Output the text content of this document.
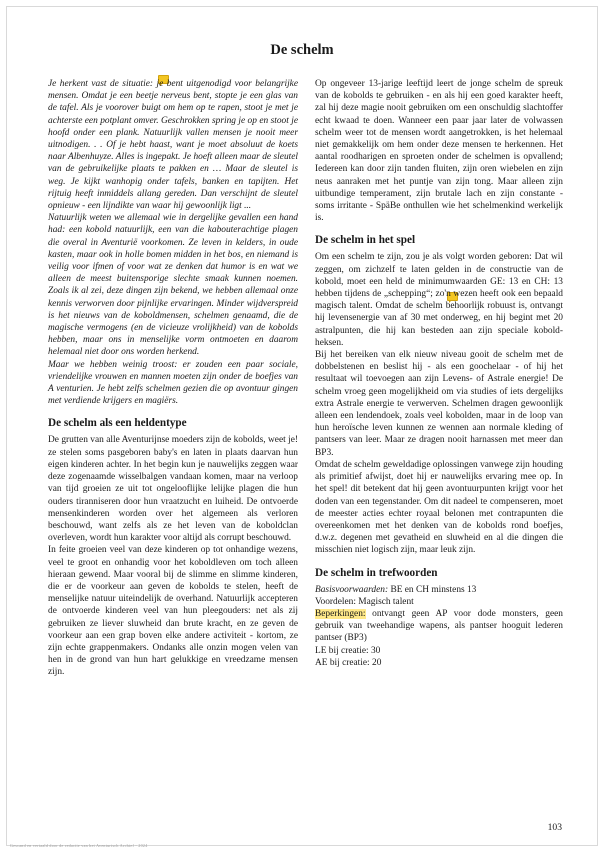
De schelm

Je herkent vast de situatie: je bent uitgenodigd voor belangrijke mensen. Omdat je een beetje nerveus bent, stopte je een glas van de tafel. Als je voorover buigt om hem op te rapen, stoot je met je achterste een potplant omver. Geschrokken spring je op en stoot je hoofd onder een plank. Natuurlijk vallen mensen je nooit meer uitnodigen. . . Of je hebt haast, want je moet absoluut de koets naar Albenhuyze. Alles is ingepakt. Je hoeft alleen maar de sleutel van de gebruikelijke plaats te pakken en … Maar de sleutel is weg. Je kijkt wanhopig onder tafels, banken en tapijten. Het rijtuig heeft inmiddels allang gereden. Dan verschijnt de sleutel opnieuw - een lijndikte van waar hij gewoonlijk ligt ...

Natuurlijk weten we allemaal wie in dergelijke gevallen een hand had: een kobold natuurlijk, een van die kabouterachtige plagen die overal in Aventurië voorkomen. Ze leven in kelders, in oude kasten, maar ook in holle bomen midden in het bos, en niemand is veilig voor ifmen of voor wat ze denken dat humor is en wat we alleen de meest buitensporige slechte smaak kunnen noemen. Zoals ik al zei, deze dingen zijn bekend, we hebben allemaal onze kennis verworven door pijnlijke ervaringen. Minder wijdverspreid is het nieuws van de koboldmensen, schelmen genaamd, die de magische vermogens (en de vicieuze vrolijkheid) van de kobolds hebben, maar ons in menselijke vorm ontmoeten en daarom helemaal niet door ons worden herkend.

Maar we hebben weinig troost: er zouden een paar sociale, vriendelijke vrouwen en mannen moeten zijn onder de boefjes van A venturien. Je hebt zelfs schelmen gezien die op avontuur gingen met verdiende krijgers en magiërs.

De schelm als een heldentype

De grutten van alle Aventurijnse moeders zijn de kobolds, weet je! ze stelen soms pasgeboren baby's en laten in plaats daarvan hun eigen kinderen achter. In het begin kun je nauwelijks zeggen waar deze zogenaamde wisselbalgen vandaan komen, maar na verloop van tijd groeien ze uit tot ongelooflijke lelijke plagen die hun ouders tiranniseren door hun vraatzucht en luiheid. De ontvoerde mensenkinderen worden over het algemeen als verloren beschouwd, want zelfs als ze het leven van de koboldclan overleven, wordt hun karakter voor altijd als corrupt beschouwd.

In feite groeien veel van deze kinderen op tot onhandige wezens, veel te groot en onhandig voor het koboldleven om toch alleen hieraan gewend. Maar vooral bij de slimme en slimme kinderen, die er de voorkeur aan geven de kobolds te stelen, heeft de menselijke natuur uiteindelijk de overhand. Natuurlijk accepteren de ontvoerde kinderen veel van hun pleegouders: net als zij gebruiken ze liever sluwheid dan brute kracht, en ze geven de voorkeur aan een grap boven elke andere activiteit - kortom, ze zijn echte grappenmakers. Ondanks alle onzin mogen velen van hen in de grond van hun hart gelukkige en vreedzame mensen zijn.

Op ongeveer 13-jarige leeftijd leert de jonge schelm de spreuk van de kobolds te gebruiken - en als hij een goed karakter heeft, zal hij deze magie nooit gebruiken om een onschuldig slachtoffer echt kwaad te doen. Wanneer een paar jaar later de volwassen schelm weer tot de mensen wordt aangetrokken, is het helemaal niet gemakkelijk om hem onder deze mensen te herkennen. Het aantal roodharigen en sproeten onder de schelmen is opvallend; Iedereen kan door zijn tanden fluiten, zijn oren wiebelen en zijn neus aanraken met het puntje van zijn tong. Maar alleen zijn uitbundige temperament, zijn brutale lach en zijn constante - soms irritante - SpäBe onthullen wie het schelmenkind werkelijk is.

De schelm in het spel

Om een schelm te zijn, zou je als volgt worden geboren: Dat wil zeggen, om zichzelf te laten gelden in de constructie van de kobold, moet een held de minimumwaarden GE: 13 en CH: 13 hebben tijdens de „schepping“; zo'n wezen heeft ook een bepaald magisch talent. Omdat de schelm behoorlijk robuust is, ontvangt hij levensenergie van af 30 met onderweg, en hij begint met 20 astralpunten, die hij kan besteden aan zijn speciale kobold-heksen.

Bij het bereiken van elk nieuw niveau gooit de schelm met de dobbelstenen en beslist hij - als een goochelaar - of hij het resultaat wil toevoegen aan zijn Levens- of Astrale energie! De schelm vroeg geen mogelijkheid om via studies of iets dergelijks extra Astrale energie te verwerven. Schelmen dragen gewoonlijk alleen een lendendoek, zoals veel kobolden, maar in de loop van hun heroïsche leven kunnen ze wennen aan normale kleding of pantsers van leer. Maar ze dragen nooit harnassen met meer dan BP3.

Omdat de schelm geweldadige oplossingen vanwege zijn houding als primitief afwijst, doet hij er nauwelijks ervaring mee op. In het spel! dit betekent dat hij geen avontuurpunten krijgt voor het doden van een tegenstander. Om dit nadeel te compenseren, moet de meester acties echter royaal belonen met contrapunten die overeenkomen met het denken van de kobolds rond boefjes, d.w.z. degenen met gevatheid en sluwheid en al die dingen die misschien niet logisch zijn, maar leuk zijn.

De schelm in trefwoorden

Basisvoorwaarden: BE en CH minstens 13

Voordelen: Magisch talent

Beperkingen: ontvangt geen AP voor dode monsters, geen gebruik van tweehandige wapens, als pantser hooguit lederen pantser (BP3)

LE bij creatie: 30

AE bij creatie: 20

103
Gescand en vertaald door de redactie van het Aventurisch Archief - 2024
